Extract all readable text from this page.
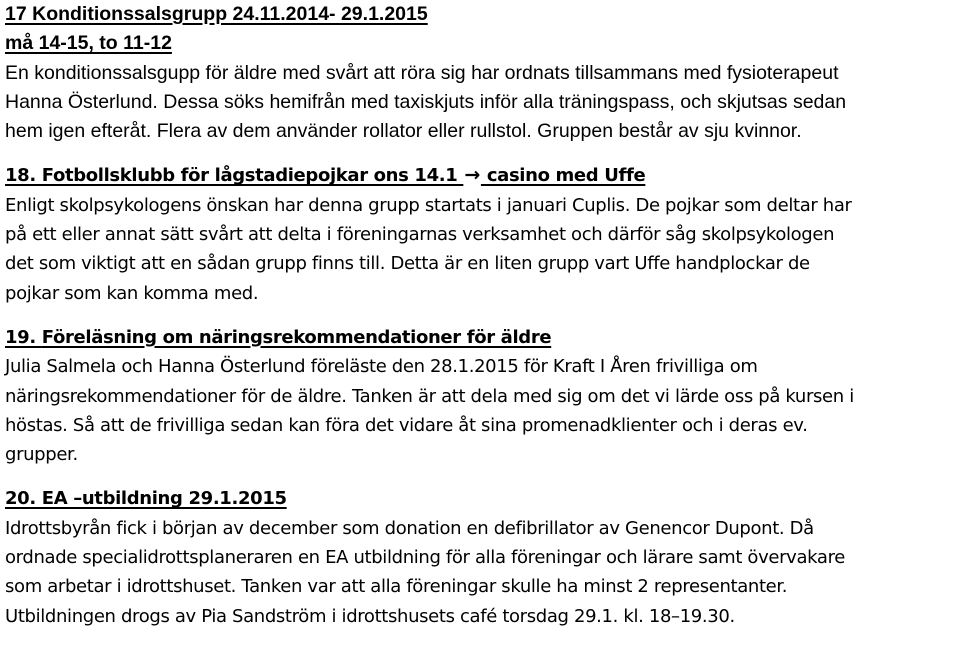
17 Konditionssalsgrupp 24.11.2014- 29.1.2015
må 14-15, to 11-12
En konditionssalsgupp för äldre med svårt att röra sig har ordnats tillsammans med fysioterapeut
Hanna Österlund. Dessa söks hemifrån med taxiskjuts inför alla träningspass, och skjutsas sedan
hem igen efteråt. Flera av dem använder rollator eller rullstol. Gruppen består av sju kvinnor.
18. Fotbollsklubb för lågstadiepojkar ons 14.1 → casino med Uffe
Enligt skolpsykologens önskan har denna grupp startats i januari Cuplis. De pojkar som deltar har
på ett eller annat sätt svårt att delta i föreningarnas verksamhet och därför såg skolpsykologen
det som viktigt att en sådan grupp finns till. Detta är en liten grupp vart Uffe handplockar de
pojkar som kan komma med.
19. Föreläsning om näringsrekommendationer för äldre
Julia Salmela och Hanna Österlund föreläste den 28.1.2015 för Kraft I Åren frivilliga om
näringsrekommendationer för de äldre. Tanken är att dela med sig om det vi lärde oss på kursen i
höstas. Så att de frivilliga sedan kan föra det vidare åt sina promenadklienter och i deras ev.
grupper.
20. EA –utbildning 29.1.2015
Idrottsbyrån fick i början av december som donation en defibrillator av Genencor Dupont. Då
ordnade specialidrottsplaneraren en EA utbildning för alla föreningar och lärare samt övervakare
som arbetar i idrottshuset. Tanken var att alla föreningar skulle ha minst 2 representanter.
Utbildningen drogs av Pia Sandström i idrottshusets café torsdag 29.1. kl. 18–19.30.
